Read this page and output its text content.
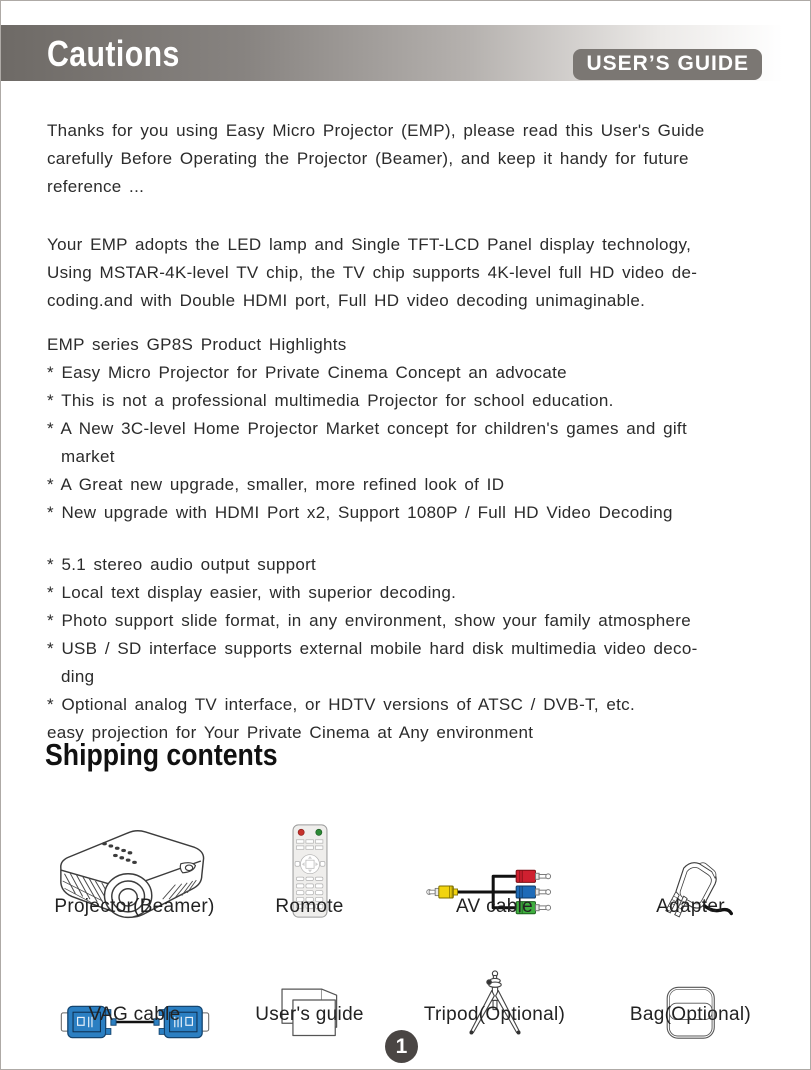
Cautions	USER’S GUIDE
Thanks for you using Easy Micro Projector (EMP), please read this User's Guide
carefully Before Operating the Projector (Beamer), and keep it handy for future
reference ...
Your EMP adopts the LED lamp and Single TFT-LCD Panel display technology,
Using MSTAR-4K-level TV chip, the TV chip supports 4K-level full HD video de-
coding.and with Double HDMI port, Full HD video decoding unimaginable.
EMP series GP8S Product Highlights
* Easy Micro Projector for Private Cinema Concept an advocate
* This is not a professional multimedia Projector for school education.
* A New 3C-level Home Projector Market concept for children's games and gift
market
* A Great new upgrade, smaller, more refined look of ID
* New upgrade with HDMI Port x2, Support 1080P / Full HD Video Decoding
* 5.1 stereo audio output support
* Local text display easier, with superior decoding.
* Photo support slide format, in any environment, show your family atmosphere
* USB / SD interface supports external mobile hard disk multimedia video deco-
ding
* Optional analog TV interface, or HDTV versions of ATSC / DVB-T, etc.
easy projection for Your Private Cinema at Any environment
Shipping contents
Projector(Beamer)	Romote	AV cable	Adapter
VAG cable	User's guide	Tripod(Optional)	Bag(Optional)
1
